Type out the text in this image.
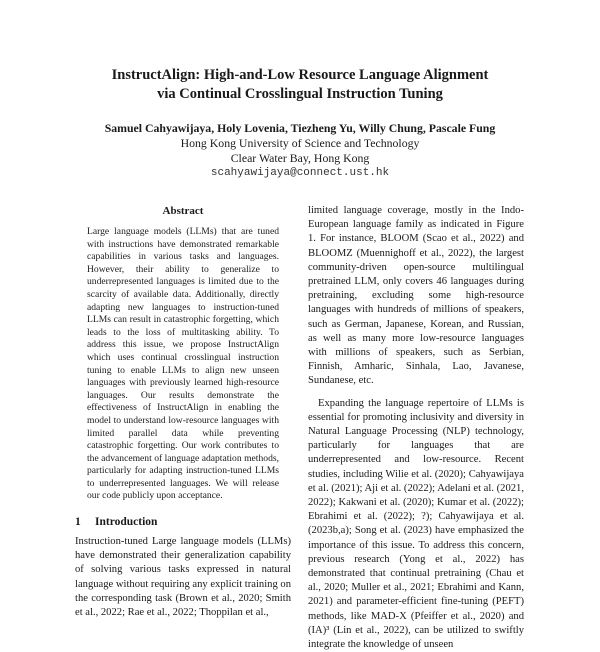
InstructAlign: High-and-Low Resource Language Alignment
via Continual Crosslingual Instruction Tuning
Samuel Cahyawijaya, Holy Lovenia, Tiezheng Yu, Willy Chung, Pascale Fung
Hong Kong University of Science and Technology
Clear Water Bay, Hong Kong
scahyawijaya@connect.ust.hk
Abstract

Large language models (LLMs) that are tuned with instructions have demonstrated remarkable capabilities in various tasks and languages. However, their ability to generalize to underrepresented languages is limited due to the scarcity of available data. Additionally, directly adapting new languages to instruction-tuned LLMs can result in catastrophic forgetting, which leads to the loss of multitasking ability. To address this issue, we propose InstructAlign which uses continual crosslingual instruction tuning to enable LLMs to align new unseen languages with previously learned high-resource languages. Our results demonstrate the effectiveness of InstructAlign in enabling the model to understand low-resource languages with limited parallel data while preventing catastrophic forgetting. Our work contributes to the advancement of language adaptation methods, particularly for adapting instruction-tuned LLMs to underrepresented languages. We will release our code publicly upon acceptance.

1 Introduction

Instruction-tuned Large language models (LLMs) have demonstrated their generalization capability of solving various tasks expressed in natural language without requiring any explicit training on the corresponding task (Brown et al., 2020; Smith et al., 2022; Rae et al., 2022; Thoppilan et al.,

limited language coverage, mostly in the Indo-European language family as indicated in Figure 1. For instance, BLOOM (Scao et al., 2022) and BLOOMZ (Muennighoff et al., 2022), the largest community-driven open-source multilingual pretrained LLM, only covers 46 languages during pretraining, excluding some high-resource languages with hundreds of millions of speakers, such as German, Japanese, Korean, and Russian, as well as many more low-resource languages with millions of speakers, such as Serbian, Finnish, Amharic, Sinhala, Lao, Javanese, Sundanese, etc.

Expanding the language repertoire of LLMs is essential for promoting inclusivity and diversity in Natural Language Processing (NLP) technology, particularly for languages that are underrepresented and low-resource. Recent studies, including Wilie et al. (2020); Cahyawijaya et al. (2021); Aji et al. (2022); Adelani et al. (2021, 2022); Kakwani et al. (2020); Kumar et al. (2022); Ebrahimi et al. (2022); ?); Cahyawijaya et al. (2023b,a); Song et al. (2023) have emphasized the importance of this issue. To address this concern, previous research (Yong et al., 2022) has demonstrated that continual pretraining (Chau et al., 2020; Muller et al., 2021; Ebrahimi and Kann, 2021) and parameter-efficient fine-tuning (PEFT) methods, like MAD-X (Pfeiffer et al., 2020) and (IA)³ (Lin et al., 2022), can be utilized to swiftly integrate the knowledge of unseen
